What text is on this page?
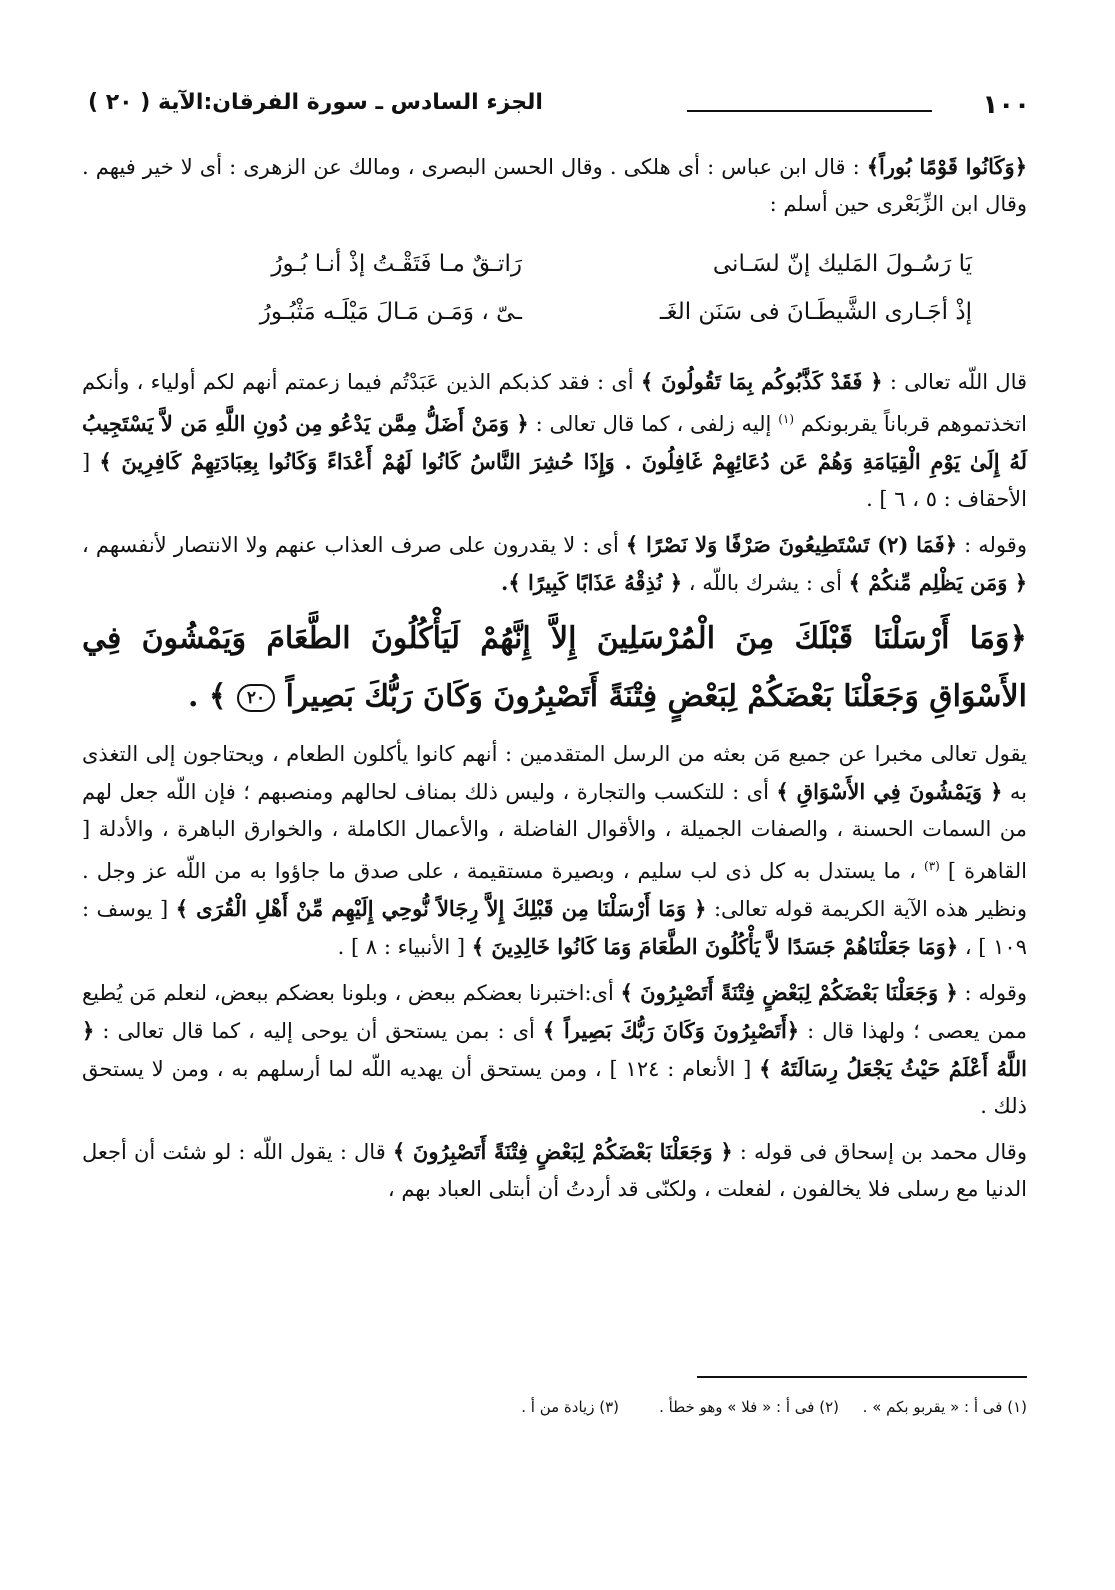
١٠٠
الجزء السادس ـ سورة الفرقان:الآية ( ٢٠ )

﴿وَكَانُوا قَوْمًا بُوراً﴾ : قال ابن عباس : أى هلكى . وقال الحسن البصرى ، ومالك عن الزهرى : أى لا خير فيهم . وقال ابن الزِّبَعْرى حين أسلم :

يَا رَسُـولَ المَليك إنّ لسَـانى
رَاتـقٌ مـا فَتَقْـتُ إذْ أنـا بُـورُ
إذْ أجَـارى الشَّيطَـانَ فى سَنَن الغَـ
ـىّ ، وَمَـن مَـالَ مَيْلَـه مَثْبُـورُ

قال اللّه تعالى : ﴿ فَقَدْ كَذَّبُوكُم بِمَا تَقُولُونَ ﴾ أى : فقد كذبكم الذين عَبَدْتُم فيما زعمتم أنهم لكم أولياء ، وأنكم اتخذتموهم قرباناً يقربونكم $^{(١)}$ إليه زلفى ، كما قال تعالى : ﴿ وَمَنْ أَضَلُّ مِمَّن يَدْعُو مِن دُونِ اللَّهِ مَن لاَّ يَسْتَجِيبُ لَهُ إِلَىٰ يَوْمِ الْقِيَامَةِ وَهُمْ عَن دُعَائِهِمْ غَافِلُونَ . وَإِذَا حُشِرَ النَّاسُ كَانُوا لَهُمْ أَعْدَاءً وَكَانُوا بِعِبَادَتِهِمْ كَافِرِينَ ﴾ [ الأحقاف : ٥ ، ٦ ] .

وقوله : ﴿فَمَا (٢) تَسْتَطِيعُونَ صَرْفًا وَلا نَصْرًا ﴾ أى : لا يقدرون على صرف العذاب عنهم ولا الانتصار لأنفسهم ، ﴿ وَمَن يَظْلِم مِّنكُمْ ﴾ أى : يشرك باللّه ، ﴿ نُذِقْهُ عَذَابًا كَبِيرًا ﴾.

﴿وَمَا أَرْسَلْنَا قَبْلَكَ مِنَ الْمُرْسَلِينَ إِلاَّ إِنَّهُمْ لَيَأْكُلُونَ الطَّعَامَ وَيَمْشُونَ فِي الأَسْوَاقِ وَجَعَلْنَا بَعْضَكُمْ لِبَعْضٍ فِتْنَةً أَتَصْبِرُونَ وَكَانَ رَبُّكَ بَصِيراً ٢٠ ﴾ .

يقول تعالى مخبرا عن جميع مَن بعثه من الرسل المتقدمين : أنهم كانوا يأكلون الطعام ، ويحتاجون إلى التغذى به ﴿ وَيَمْشُونَ فِي الأَسْوَاقِ ﴾ أى : للتكسب والتجارة ، وليس ذلك بمناف لحالهم ومنصبهم ؛ فإن اللّه جعل لهم من السمات الحسنة ، والصفات الجميلة ، والأقوال الفاضلة ، والأعمال الكاملة ، والخوارق الباهرة ، والأدلة [ القاهرة ] $^{(٣)}$ ، ما يستدل به كل ذى لب سليم ، وبصيرة مستقيمة ، على صدق ما جاؤوا به من اللّه عز وجل . ونظير هذه الآية الكريمة قوله تعالى: ﴿ وَمَا أَرْسَلْنَا مِن قَبْلِكَ إِلاَّ رِجَالاً نُّوحِي إِلَيْهِم مِّنْ أَهْلِ الْقُرَى ﴾ [ يوسف : ١٠٩ ] ، ﴿وَمَا جَعَلْنَاهُمْ جَسَدًا لاَّ يَأْكُلُونَ الطَّعَامَ وَمَا كَانُوا خَالِدِينَ ﴾ [ الأنبياء : ٨ ] .

وقوله : ﴿ وَجَعَلْنَا بَعْضَكُمْ لِبَعْضٍ فِتْنَةً أَتَصْبِرُونَ ﴾ أى:اختبرنا بعضكم ببعض ، وبلونا بعضكم ببعض، لنعلم مَن يُطيع ممن يعصى ؛ ولهذا قال : ﴿أَتَصْبِرُونَ وَكَانَ رَبُّكَ بَصِيراً ﴾ أى : بمن يستحق أن يوحى إليه ، كما قال تعالى : ﴿ اللَّهُ أَعْلَمُ حَيْثُ يَجْعَلُ رِسَالَتَهُ ﴾ [ الأنعام : ١٢٤ ] ، ومن يستحق أن يهديه اللّه لما أرسلهم به ، ومن لا يستحق ذلك .

وقال محمد بن إسحاق فى قوله : ﴿ وَجَعَلْنَا بَعْضَكُمْ لِبَعْضٍ فِتْنَةً أَتَصْبِرُونَ ﴾ قال : يقول اللّه : لو شئت أن أجعل الدنيا مع رسلى فلا يخالفون ، لفعلت ، ولكنّى قد أردتُ أن أبتلى العباد بهم ،

(١) فى أ : « يقربو بكم » .
(٢) فى أ : « فلا » وهو خطأ .
(٣) زيادة من أ .
